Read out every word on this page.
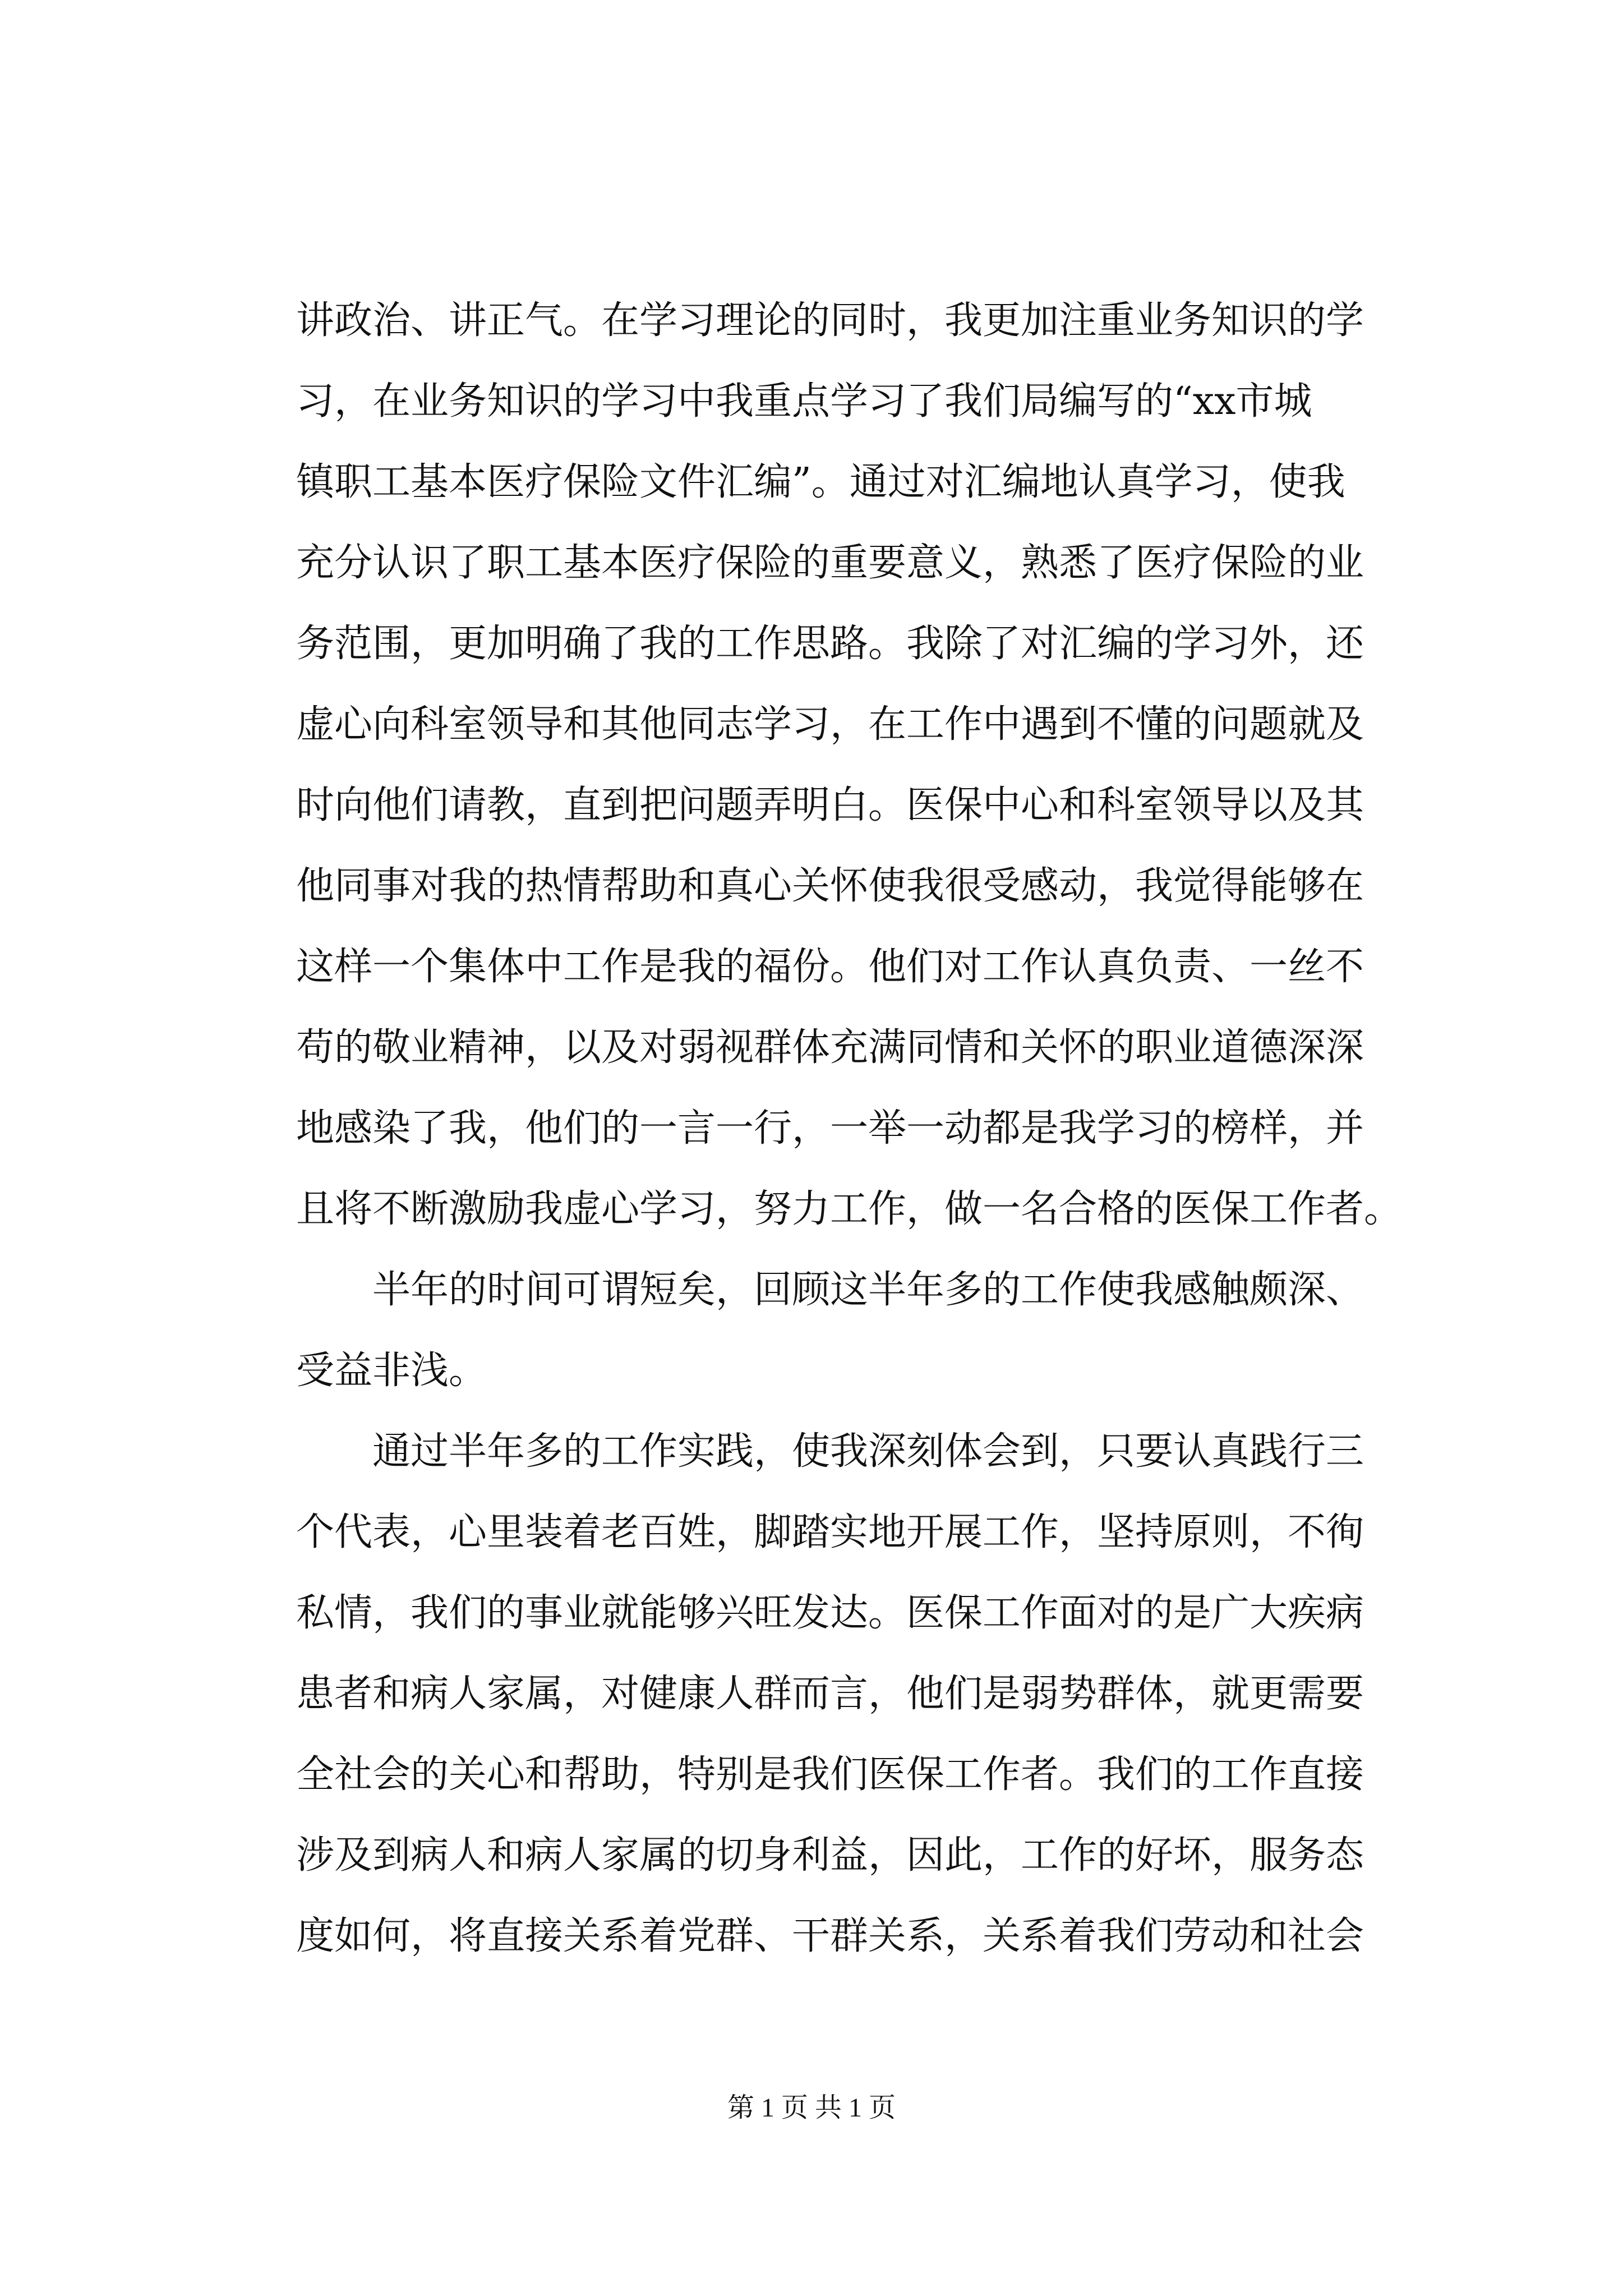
讲政治、讲正气。在学习理论的同时，我更加注重业务知识的学
习，在业务知识的学习中我重点学习了我们局编写的“xx市城
镇职工基本医疗保险文件汇编”。通过对汇编地认真学习，使我
充分认识了职工基本医疗保险的重要意义，熟悉了医疗保险的业
务范围，更加明确了我的工作思路。我除了对汇编的学习外，还
虚心向科室领导和其他同志学习，在工作中遇到不懂的问题就及
时向他们请教，直到把问题弄明白。医保中心和科室领导以及其
他同事对我的热情帮助和真心关怀使我很受感动，我觉得能够在
这样一个集体中工作是我的福份。他们对工作认真负责、一丝不
苟的敬业精神，以及对弱视群体充满同情和关怀的职业道德深深
地感染了我，他们的一言一行，一举一动都是我学习的榜样，并
且将不断激励我虚心学习，努力工作，做一名合格的医保工作者。
　　半年的时间可谓短矣，回顾这半年多的工作使我感触颇深、
受益非浅。
　　通过半年多的工作实践，使我深刻体会到，只要认真践行三
个代表，心里装着老百姓，脚踏实地开展工作，坚持原则，不徇
私情，我们的事业就能够兴旺发达。医保工作面对的是广大疾病
患者和病人家属，对健康人群而言，他们是弱势群体，就更需要
全社会的关心和帮助，特别是我们医保工作者。我们的工作直接
涉及到病人和病人家属的切身利益，因此，工作的好坏，服务态
度如何，将直接关系着党群、干群关系，关系着我们劳动和社会
第 1 页 共 1 页
